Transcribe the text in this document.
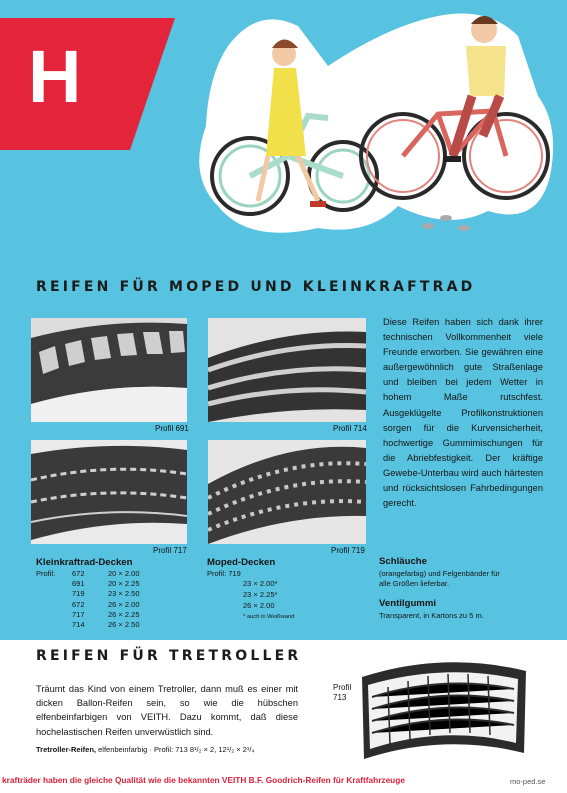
H
REIFEN FÜR MOPED UND KLEINKRAFTRAD
Profil 691	Profil 714
Profil 717	Profil 719
Diese Reifen haben sich dank ihrer technischen Vollkommenheit viele Freunde erworben. Sie gewähren eine außergewöhnlich gute Straßenlage und bleiben bei jedem Wetter in hohem Maße rutschfest. Ausgeklügelte Profilkonstruktionen sorgen für die Kurvensicherheit, hochwertige Gummimischungen für die Abriebfestigkeit. Der kräftige Gewebe-Unterbau wird auch härtesten und rücksichtslosen Fahrbedingungen gerecht.
Kleinkraftrad-Decken
Profil:	672	20 × 2.00
	691	20 × 2.25
	719	23 × 2.50
	672	26 × 2.00
	717	26 × 2.25
	714	26 × 2.50
Moped-Decken
Profil: 719
23 × 2.00*
23 × 2.25*
26 × 2.00
* auch in Weißwand
Schläuche
(orangefarbig) und Felgenbänder für alle Größen lieferbar.
Ventilgummi
Transparent, in Kartons zu 5 m.
REIFEN FÜR TRETROLLER
Träumt das Kind von einem Tretroller, dann muß es einer mit dicken Ballon-Reifen sein, so wie die hübschen elfenbeinfarbigen von VEITH. Dazu kommt, daß diese hochelastischen Reifen unverwüstlich sind.
Tretroller-Reifen, elfenbeinfarbig · Profil: 713 8¹/₂ × 2, 12¹/₂ × 2¹/₄
Profil
713
krafträder haben die gleiche Qualität wie die bekannten VEITH B.F. Goodrich-Reifen für Kraftfahrzeuge	mo-ped.se
